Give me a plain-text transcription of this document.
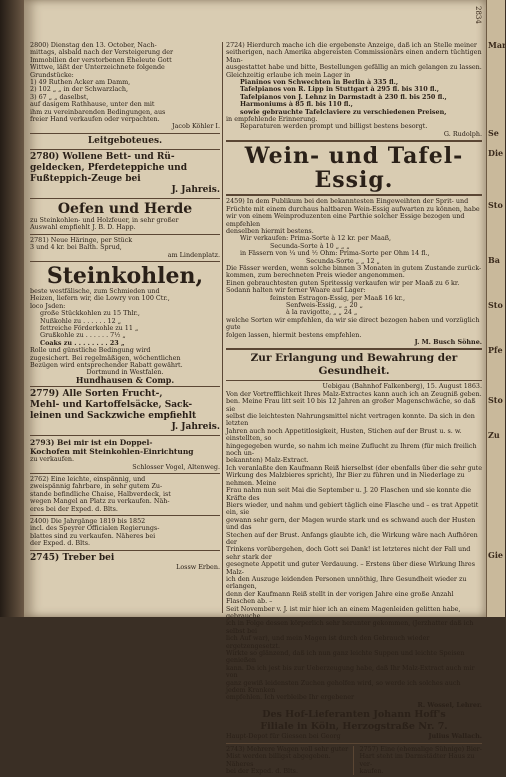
2834
2800) Dienstag den 13. October, Nach-
mittags, alsbald nach der Versteigerung der
Immobilien der verstorbenen Eheleute Gott
Wittwe, läßt der Unterzeichnete folgende
Grundstücke:
1) 49 Ruthen Acker am Damm,
2) 102 „ „ in der Schwarzlach,
3) 67 „ „ daselbst,
auf dasigem Rathhause, unter den mit
ihm zu vereinbarenden Bedingungen, aus
freier Hand verkaufen oder verpachten.
Jacob Köhler I.
Leitgeboteues.
2780) Wollene Bett- und Rü-
geldecken, Pferdeteppiche und
Fußteppich-Zeuge bei
J. Jahreis.
Oefen und Herde
zu Steinkohlen- und Holzfeuer, in sehr großer
Auswahl empfiehlt J. B. D. Happ.
2781) Neue Häringe, per Stück
3 und 4 kr. bei Balth. Sprud,
am Lindenplatz.
Steinkohlen,
beste westfälische, zum Schmieden und
Heizen, liefern wir, die Lowry von 100 Ctr.,
loco Jsden:
große Stückkohlen zu 15 Thlr.,
Nußkohle zu . . . . . . 12 „
fettreiche Förderkohle zu 11 „
Grußkohle zu . . . . . . 7½ „
Coaks zu . . . . . . . . 23 „
Rolle und günstliche Bedingung wird
zugesichert. Bei regelmäßigen, wöchentlichen
Bezügen wird entsprechender Rabatt gewährt.
Dortmund in Westfalen.
Hundhausen & Comp.
2779) Alle Sorten Frucht-,
Mehl- und Kartoffelsäcke, Sack-
leinen und Sackzwiche empfiehlt
J. Jahreis.
2793) Bei mir ist ein Doppel-
Kochofen mit Steinkohlen-Einrichtung
zu verkaufen.
Schlosser Vogel, Altenweg.
2762) Eine leichte, einspännig, und
zweispännig fahrbare, in sehr gutem Zu-
stande befindliche Chaise, Halbverdeck, ist
wegen Mangel an Platz zu verkaufen. Näh-
eres bei der Exped. d. Blts.
2400) Die Jahrgänge 1819 bis 1852
incl. des Speyrer Officialen Regierungs-
blattes sind zu verkaufen. Näheres bei
der Exped. d. Blts.
2745) Treber bei
Lossw Erben.
2724) Hierdurch mache ich die ergebenste Anzeige, daß ich an Stelle meiner
seitherigen, nach Amerika abgereisten Commissionärs einen andern tüchtigen Man-
ausgestattet habe und bitte, Bestellungen gefällig an mich gelangen zu lassen.
Gleichzeitig erlaube ich mein Lager in
Pianinos von Schwechten in Berlin à 335 fl.,
Tafelpianos von R. Lipp in Stuttgart à 295 fl. bis 310 fl.,
Tafelpianos von J. Lehnz in Darmstadt à 230 fl. bis 250 fl.,
Harmoniums à 85 fl. bis 110 fl.,
sowie gebrauchte Tafelclaviere zu verschiedenen Preisen,
in empfehlende Erinnerung.
Reparaturen werden prompt und billigst bestens besorgt.
G. Rudolph.
Wein- und Tafel-Essig.
2459) In dem Publikum bei den bekanntesten Eingeweihten der Sprit- und
Früchte mit einem durchaus haltbaren Wein-Essig aufwarten zu können, habe
wir von einem Weinproduzenten eine Parthie solcher Essige bezogen und empfehlen
denselben hiermit bestens.
Wir verkaufen: Prima-Sorte à 12 kr. per Maaß,
Secunda-Sorte à 10 „ „ „
in Fässern von ¼ und ½ Ohm: Prima-Sorte per Ohm 14 fl.,
Secunda-Sorte „ „ 12 „
Die Fässer werden, wenn solche binnen 3 Monaten in gutem Zustande zurück-
kommen, zum berechneten Preis wieder angenommen.
Einen gebrauchtesten guten Spritessig verkaufen wir per Maaß zu 6 kr.
Sodann halten wir ferner Waare auf Lager:
feinsten Estragon-Essig, per Maaß 16 kr.,
Senfweis-Essig, „ „ 20 „
à la ravigotte, „ „ 24 „
welche Sorten wir empfehlen, da wir sie direct bezogen haben und vorzüglich gute
folgen lassen, hiermit bestens empfehlen.
J. M. Busch Söhne.
Zur Erlangung und Bewahrung der Gesundheit.
Uebigau (Bahnhof Falkenberg), 15. August 1863.
Von der Vortrefflichkeit Ihres Malz-Extractes kann auch ich an Zeugniß geben.
ben. Meine Frau litt seit 10 bis 12 Jahren an großer Magenschwäche, so daß sie
selbst die leichtesten Nahrungsmittel nicht vertragen konnte. Da sich in den letzten
Jahren auch noch Appetitlosigkeit, Husten, Stichen auf der Brust u. s. w. einstellten, so
hingegegeben wurde, so nahm ich meine Zuflucht zu Ihrem (für mich freilich noch un-
bekannten) Malz-Extract.
Ich veranlaßte den Kaufmann Reiß hierselbst (der ebenfalls über die sehr gute
Wirkung des Malzbieres spricht), Ihr Bier zu führen und in Niederlage zu nehmen. Meine
Frau nahm nun seit Mai die September u. J. 20 Flaschen und sie konnte die Kräfte des
Biers wieder, und nahm und gebiert täglich eine Flasche und – es trat Appetit ein, sie
gewann sehr gern, der Magen wurde stark und es schwand auch der Husten und das
Stechen auf der Brust. Anfangs glaubte ich, die Wirkung wäre nach Aufhören der
Trinkens vorübergehen, doch Gott sei Dank! ist letzteres nicht der Fall und sehr stark der
gesegnete Appetit und guter Verdauung. – Erstens über diese Wirkung Ihres Malz-
ich den Auszuge leidenden Personen unnöthig, Ihre Gesundheit wieder zu erlangen,
denn der Kaufmann Reiß stellt in der vorigen Jahre eine große Anzahl Flaschen ab. –
Seit November v. J. ist mir hier ich an einem Magenleiden gelitten habe, gebrauche
ich in Folge dessen körperlich sehr herunter gekommen, (Jerzhatter daß ich selbst bei
lich Auf war), und mein Magen ist durch den Gebrauch wieder ergetzengesetzt.
Wirkte so glänzend, daß ich nun ganz leichte Suppen und leichte Speisen genießen
kann. Da ich jest bis zur Ueberzeugung habe, daß Ihr Malz-Extract auch mir von
ganz gewiß leidensten Zuchen geholfen wird, so werde ich solches auch jedem Kranken
empfehlen. Ich verbleibe Ihr ergebener
R. Wossel, Lehrer.
Des Hof-Lieferanten Johann Hoff's
Filiale in Köln, Herzogstraße Nr. 7.
Haupt-Depot für Giessen bei Georg	Julius Wallach.
2743) Mehrere Wagen voll sehr guter
Mist werden billigst abgegeben. Näheres
bei der Exped. d. Blts.
2757) Eine (ehemalige Sühnige) Bier-
Hart steht im Darmstädter Haus zu ver-
kaufen.
Mar
Se
Die
Sto
Ba
Sto
Pfe
Sto
Zu
Gie
